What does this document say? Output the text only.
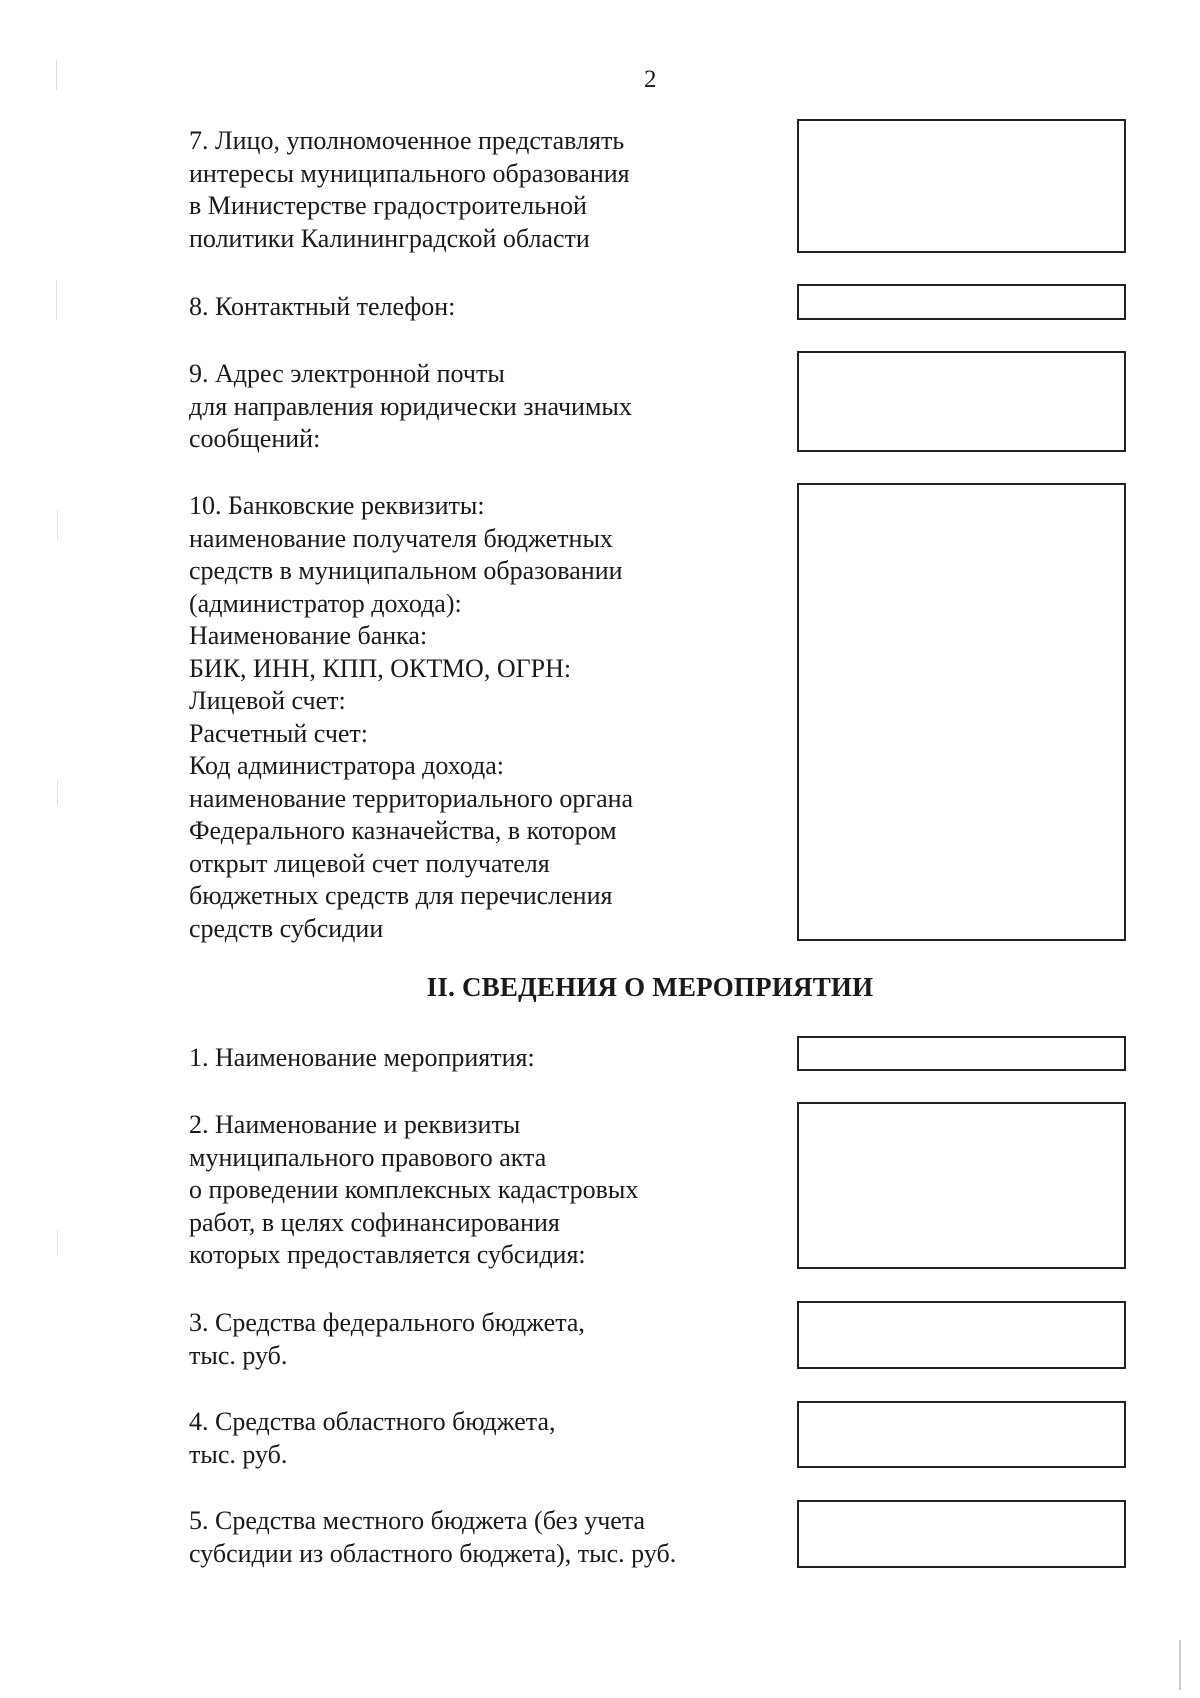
2
7. Лицо, уполномоченное представлять
интересы муниципального образования
в Министерстве градостроительной
политики Калининградской области
8. Контактный телефон:
9. Адрес электронной почты
для направления юридически значимых
сообщений:
10. Банковские реквизиты:
наименование получателя бюджетных
средств в муниципальном образовании
(администратор дохода):
Наименование банка:
БИК, ИНН, КПП, ОКТМО, ОГРН:
Лицевой счет:
Расчетный счет:
Код администратора дохода:
наименование территориального органа
Федерального казначейства, в котором
открыт лицевой счет получателя
бюджетных средств для перечисления
средств субсидии
II. СВЕДЕНИЯ О МЕРОПРИЯТИИ
1. Наименование мероприятия:
2. Наименование и реквизиты
муниципального правового акта
о проведении комплексных кадастровых
работ, в целях софинансирования
которых предоставляется субсидия:
3. Средства федерального бюджета,
тыс. руб.
4. Средства областного бюджета,
тыс. руб.
5. Средства местного бюджета (без учета
субсидии из областного бюджета), тыс. руб.
